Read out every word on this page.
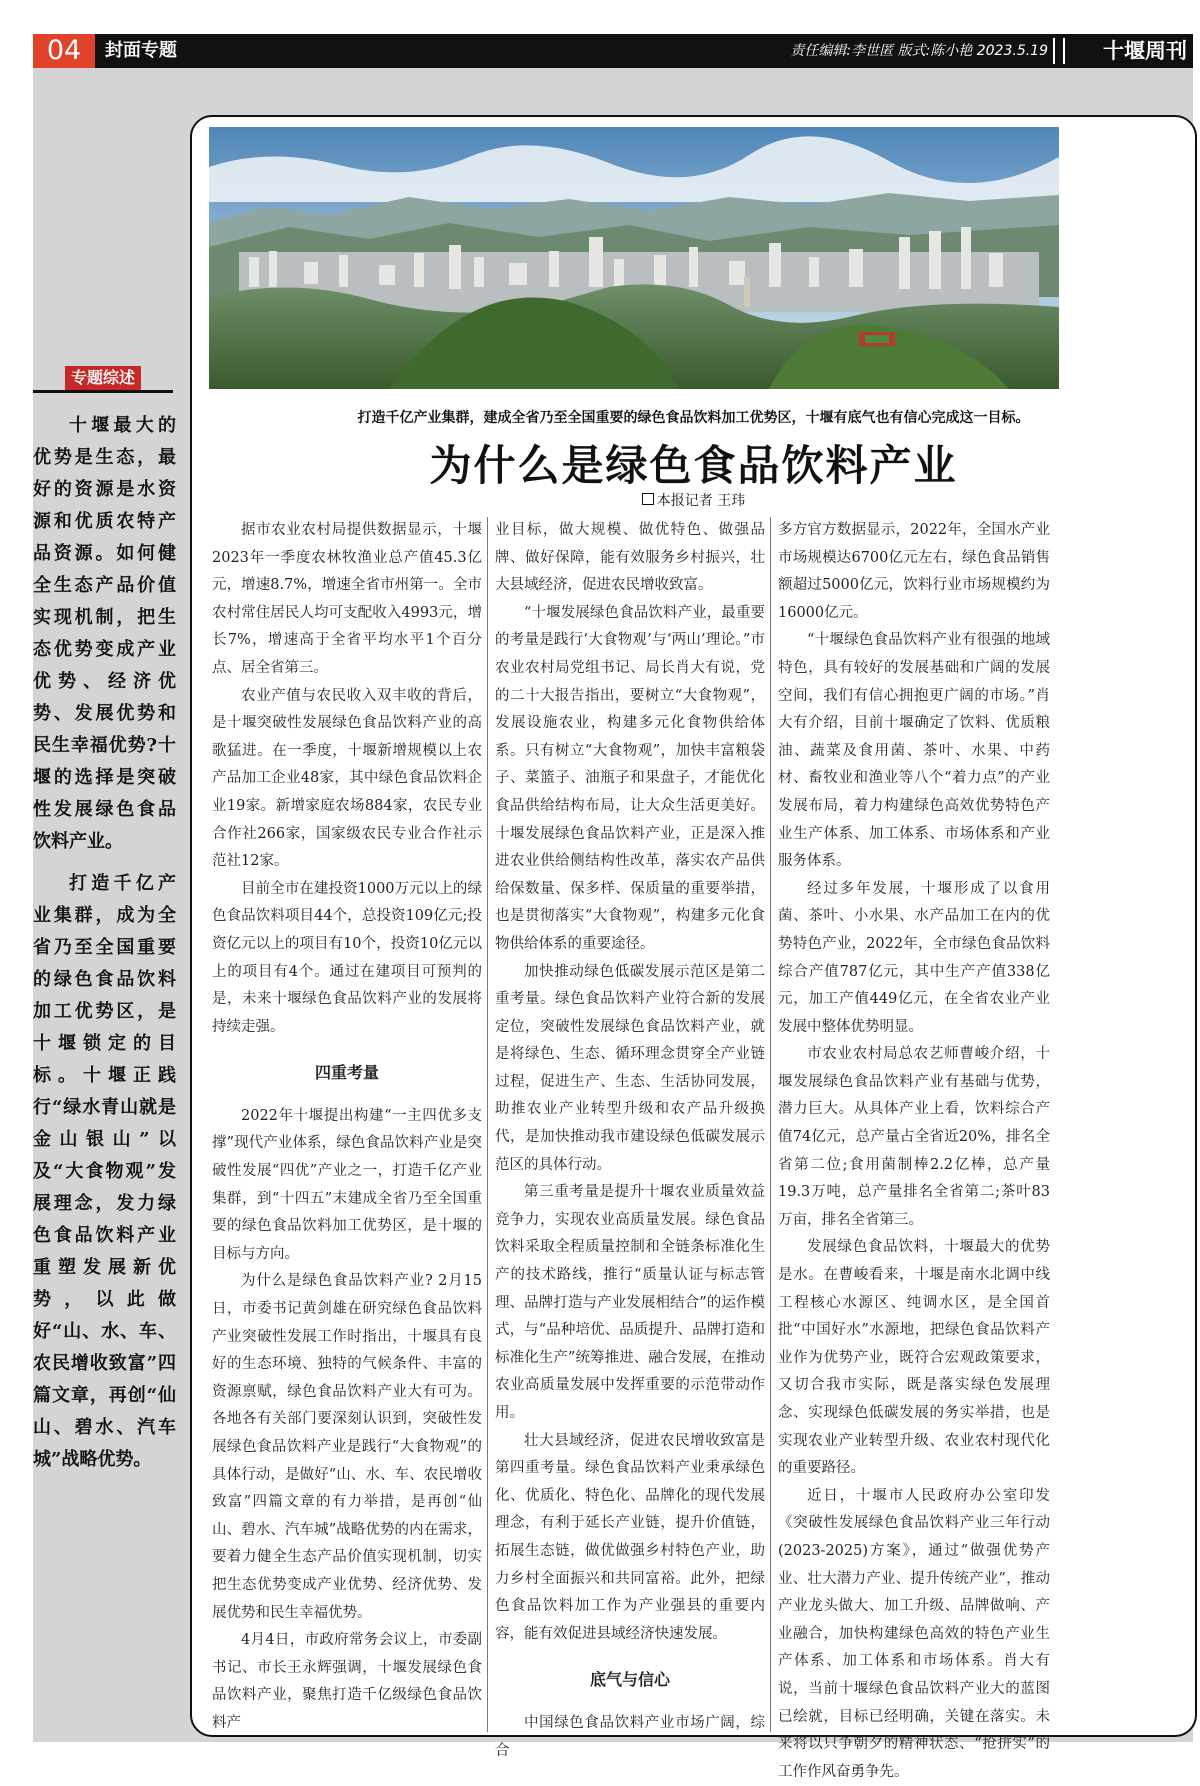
04	封面专题	责任编辑:李世匿 版式:陈小艳 2023.5.19	十堰周刊
专题综述

十堰最大的优势是生态，最好的资源是水资源和优质农特产品资源。如何健全生态产品价值实现机制，把生态优势变成产业优势、经济优势、发展优势和民生幸福优势?十堰的选择是突破性发展绿色食品饮料产业。

打造千亿产业集群，成为全省乃至全国重要的绿色食品饮料加工优势区，是十堰锁定的目标。十堰正践行“绿水青山就是金山银山”以及“大食物观”发展理念，发力绿色食品饮料产业重塑发展新优势，以此做好“山、水、车、农民增收致富”四篇文章，再创“仙山、碧水、汽车城”战略优势。

打造千亿产业集群，建成全省乃至全国重要的绿色食品饮料加工优势区，十堰有底气也有信心完成这一目标。
为什么是绿色食品饮料产业
本报记者 王玮

据市农业农村局提供数据显示，十堰2023年一季度农林牧渔业总产值45.3亿元，增速8.7%，增速全省市州第一。全市农村常住居民人均可支配收入4993元，增长7%，增速高于全省平均水平1个百分点、居全省第三。

农业产值与农民收入双丰收的背后，是十堰突破性发展绿色食品饮料产业的高歌猛进。在一季度，十堰新增规模以上农产品加工企业48家，其中绿色食品饮料企业19家。新增家庭农场884家，农民专业合作社266家，国家级农民专业合作社示范社12家。

目前全市在建投资1000万元以上的绿色食品饮料项目44个，总投资109亿元;投资亿元以上的项目有10个，投资10亿元以上的项目有4个。通过在建项目可预判的是，未来十堰绿色食品饮料产业的发展将持续走强。

四重考量

2022年十堰提出构建“一主四优多支撑”现代产业体系，绿色食品饮料产业是突破性发展“四优”产业之一，打造千亿产业集群，到“十四五”末建成全省乃至全国重要的绿色食品饮料加工优势区，是十堰的目标与方向。

为什么是绿色食品饮料产业? 2月15日，市委书记黄剑雄在研究绿色食品饮料产业突破性发展工作时指出，十堰具有良好的生态环境、独特的气候条件、丰富的资源禀赋，绿色食品饮料产业大有可为。各地各有关部门要深刻认识到，突破性发展绿色食品饮料产业是践行“大食物观”的具体行动，是做好“山、水、车、农民增收致富”四篇文章的有力举措，是再创“仙山、碧水、汽车城”战略优势的内在需求，要着力健全生态产品价值实现机制，切实把生态优势变成产业优势、经济优势、发展优势和民生幸福优势。

4月4日，市政府常务会议上，市委副书记、市长王永辉强调，十堰发展绿色食品饮料产业，聚焦打造千亿级绿色食品饮料产

业目标，做大规模、做优特色、做强品牌、做好保障，能有效服务乡村振兴，壮大县域经济，促进农民增收致富。

“十堰发展绿色食品饮料产业，最重要的考量是践行‘大食物观’与‘两山’理论。”市农业农村局党组书记、局长肖大有说，党的二十大报告指出，要树立“大食物观”，发展设施农业，构建多元化食物供给体系。只有树立“大食物观”，加快丰富粮袋子、菜篮子、油瓶子和果盘子，才能优化食品供给结构布局，让大众生活更美好。十堰发展绿色食品饮料产业，正是深入推进农业供给侧结构性改革，落实农产品供给保数量、保多样、保质量的重要举措，也是贯彻落实“大食物观”，构建多元化食物供给体系的重要途径。

加快推动绿色低碳发展示范区是第二重考量。绿色食品饮料产业符合新的发展定位，突破性发展绿色食品饮料产业，就是将绿色、生态、循环理念贯穿全产业链过程，促进生产、生态、生活协同发展，助推农业产业转型升级和农产品升级换代，是加快推动我市建设绿色低碳发展示范区的具体行动。

第三重考量是提升十堰农业质量效益竞争力，实现农业高质量发展。绿色食品饮料采取全程质量控制和全链条标准化生产的技术路线，推行“质量认证与标志管理、品牌打造与产业发展相结合”的运作模式，与“品种培优、品质提升、品牌打造和标准化生产”统筹推进、融合发展，在推动农业高质量发展中发挥重要的示范带动作用。

壮大县域经济，促进农民增收致富是第四重考量。绿色食品饮料产业秉承绿色化、优质化、特色化、品牌化的现代发展理念，有利于延长产业链，提升价值链，拓展生态链，做优做强乡村特色产业，助力乡村全面振兴和共同富裕。此外，把绿色食品饮料加工作为产业强县的重要内容，能有效促进县域经济快速发展。

底气与信心

中国绿色食品饮料产业市场广阔，综合

多方官方数据显示，2022年，全国水产业市场规模达6700亿元左右，绿色食品销售额超过5000亿元，饮料行业市场规模约为16000亿元。

“十堰绿色食品饮料产业有很强的地域特色，具有较好的发展基础和广阔的发展空间，我们有信心拥抱更广阔的市场。”肖大有介绍，目前十堰确定了饮料、优质粮油、蔬菜及食用菌、茶叶、水果、中药材、畜牧业和渔业等八个“着力点”的产业发展布局，着力构建绿色高效优势特色产业生产体系、加工体系、市场体系和产业服务体系。

经过多年发展，十堰形成了以食用菌、茶叶、小水果、水产品加工在内的优势特色产业，2022年，全市绿色食品饮料综合产值787亿元，其中生产产值338亿元，加工产值449亿元，在全省农业产业发展中整体优势明显。

市农业农村局总农艺师曹峻介绍，十堰发展绿色食品饮料产业有基础与优势，潜力巨大。从具体产业上看，饮料综合产值74亿元，总产量占全省近20%，排名全省第二位;食用菌制棒2.2亿棒，总产量19.3万吨，总产量排名全省第二;茶叶83万亩，排名全省第三。

发展绿色食品饮料，十堰最大的优势是水。在曹峻看来，十堰是南水北调中线工程核心水源区、纯调水区，是全国首批“中国好水”水源地，把绿色食品饮料产业作为优势产业，既符合宏观政策要求，又切合我市实际，既是落实绿色发展理念、实现绿色低碳发展的务实举措，也是实现农业产业转型升级、农业农村现代化的重要路径。

近日，十堰市人民政府办公室印发《突破性发展绿色食品饮料产业三年行动(2023-2025)方案》，通过“做强优势产业、壮大潜力产业、提升传统产业”，推动产业龙头做大、加工升级、品牌做响、产业融合，加快构建绿色高效的特色产业生产体系、加工体系和市场体系。肖大有说，当前十堰绿色食品饮料产业大的蓝图已绘就，目标已经明确，关键在落实。未来将以只争朝夕的精神状态、“抢拼实”的工作作风奋勇争先。
